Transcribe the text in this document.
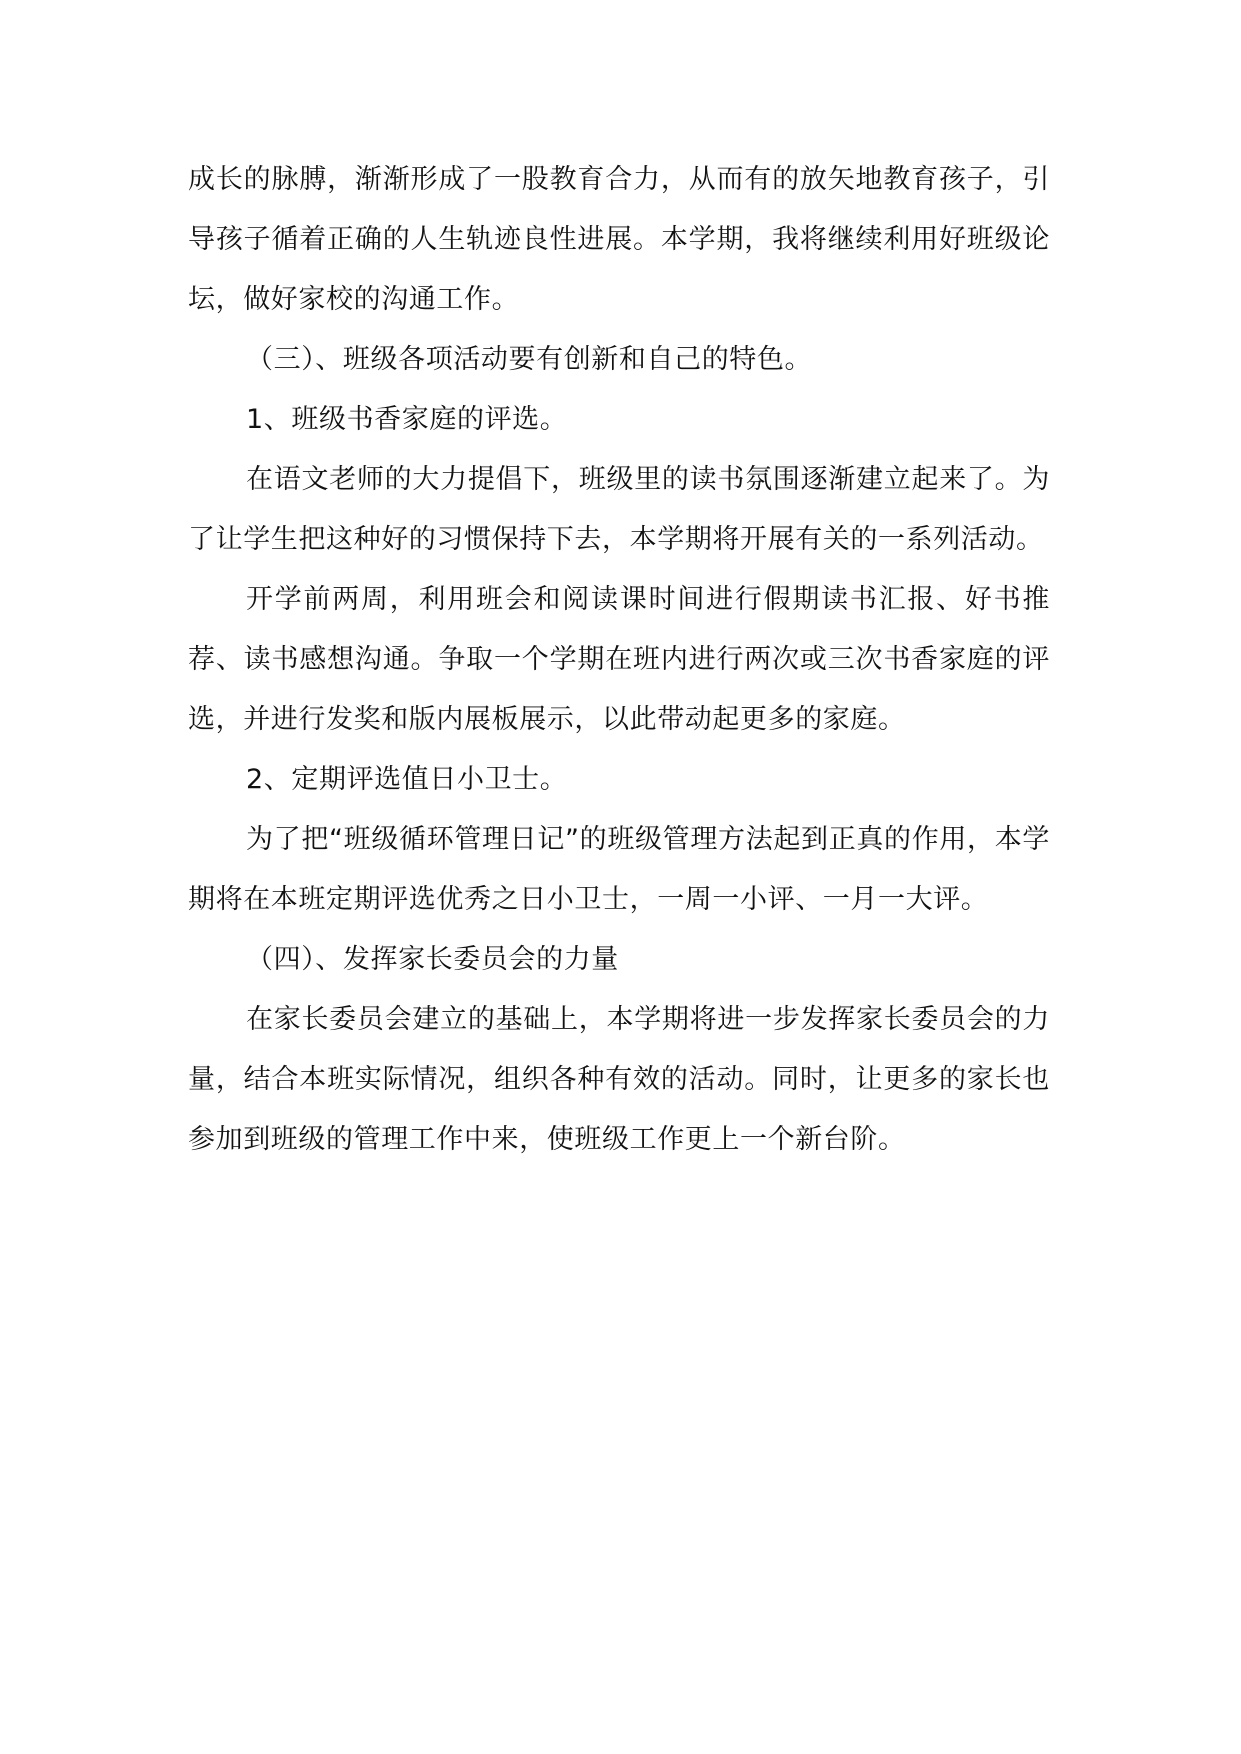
成长的脉膊，渐渐形成了一股教育合力，从而有的放矢地教育孩子，引导孩子循着正确的人生轨迹良性进展。本学期，我将继续利用好班级论坛，做好家校的沟通工作。

（三）、班级各项活动要有创新和自己的特色。

1、班级书香家庭的评选。

在语文老师的大力提倡下，班级里的读书氛围逐渐建立起来了。为了让学生把这种好的习惯保持下去，本学期将开展有关的一系列活动。

开学前两周，利用班会和阅读课时间进行假期读书汇报、好书推荐、读书感想沟通。争取一个学期在班内进行两次或三次书香家庭的评选，并进行发奖和版内展板展示，以此带动起更多的家庭。

2、定期评选值日小卫士。

为了把“班级循环管理日记”的班级管理方法起到正真的作用，本学期将在本班定期评选优秀之日小卫士，一周一小评、一月一大评。

（四）、发挥家长委员会的力量

在家长委员会建立的基础上，本学期将进一步发挥家长委员会的力量，结合本班实际情况，组织各种有效的活动。同时，让更多的家长也参加到班级的管理工作中来，使班级工作更上一个新台阶。
